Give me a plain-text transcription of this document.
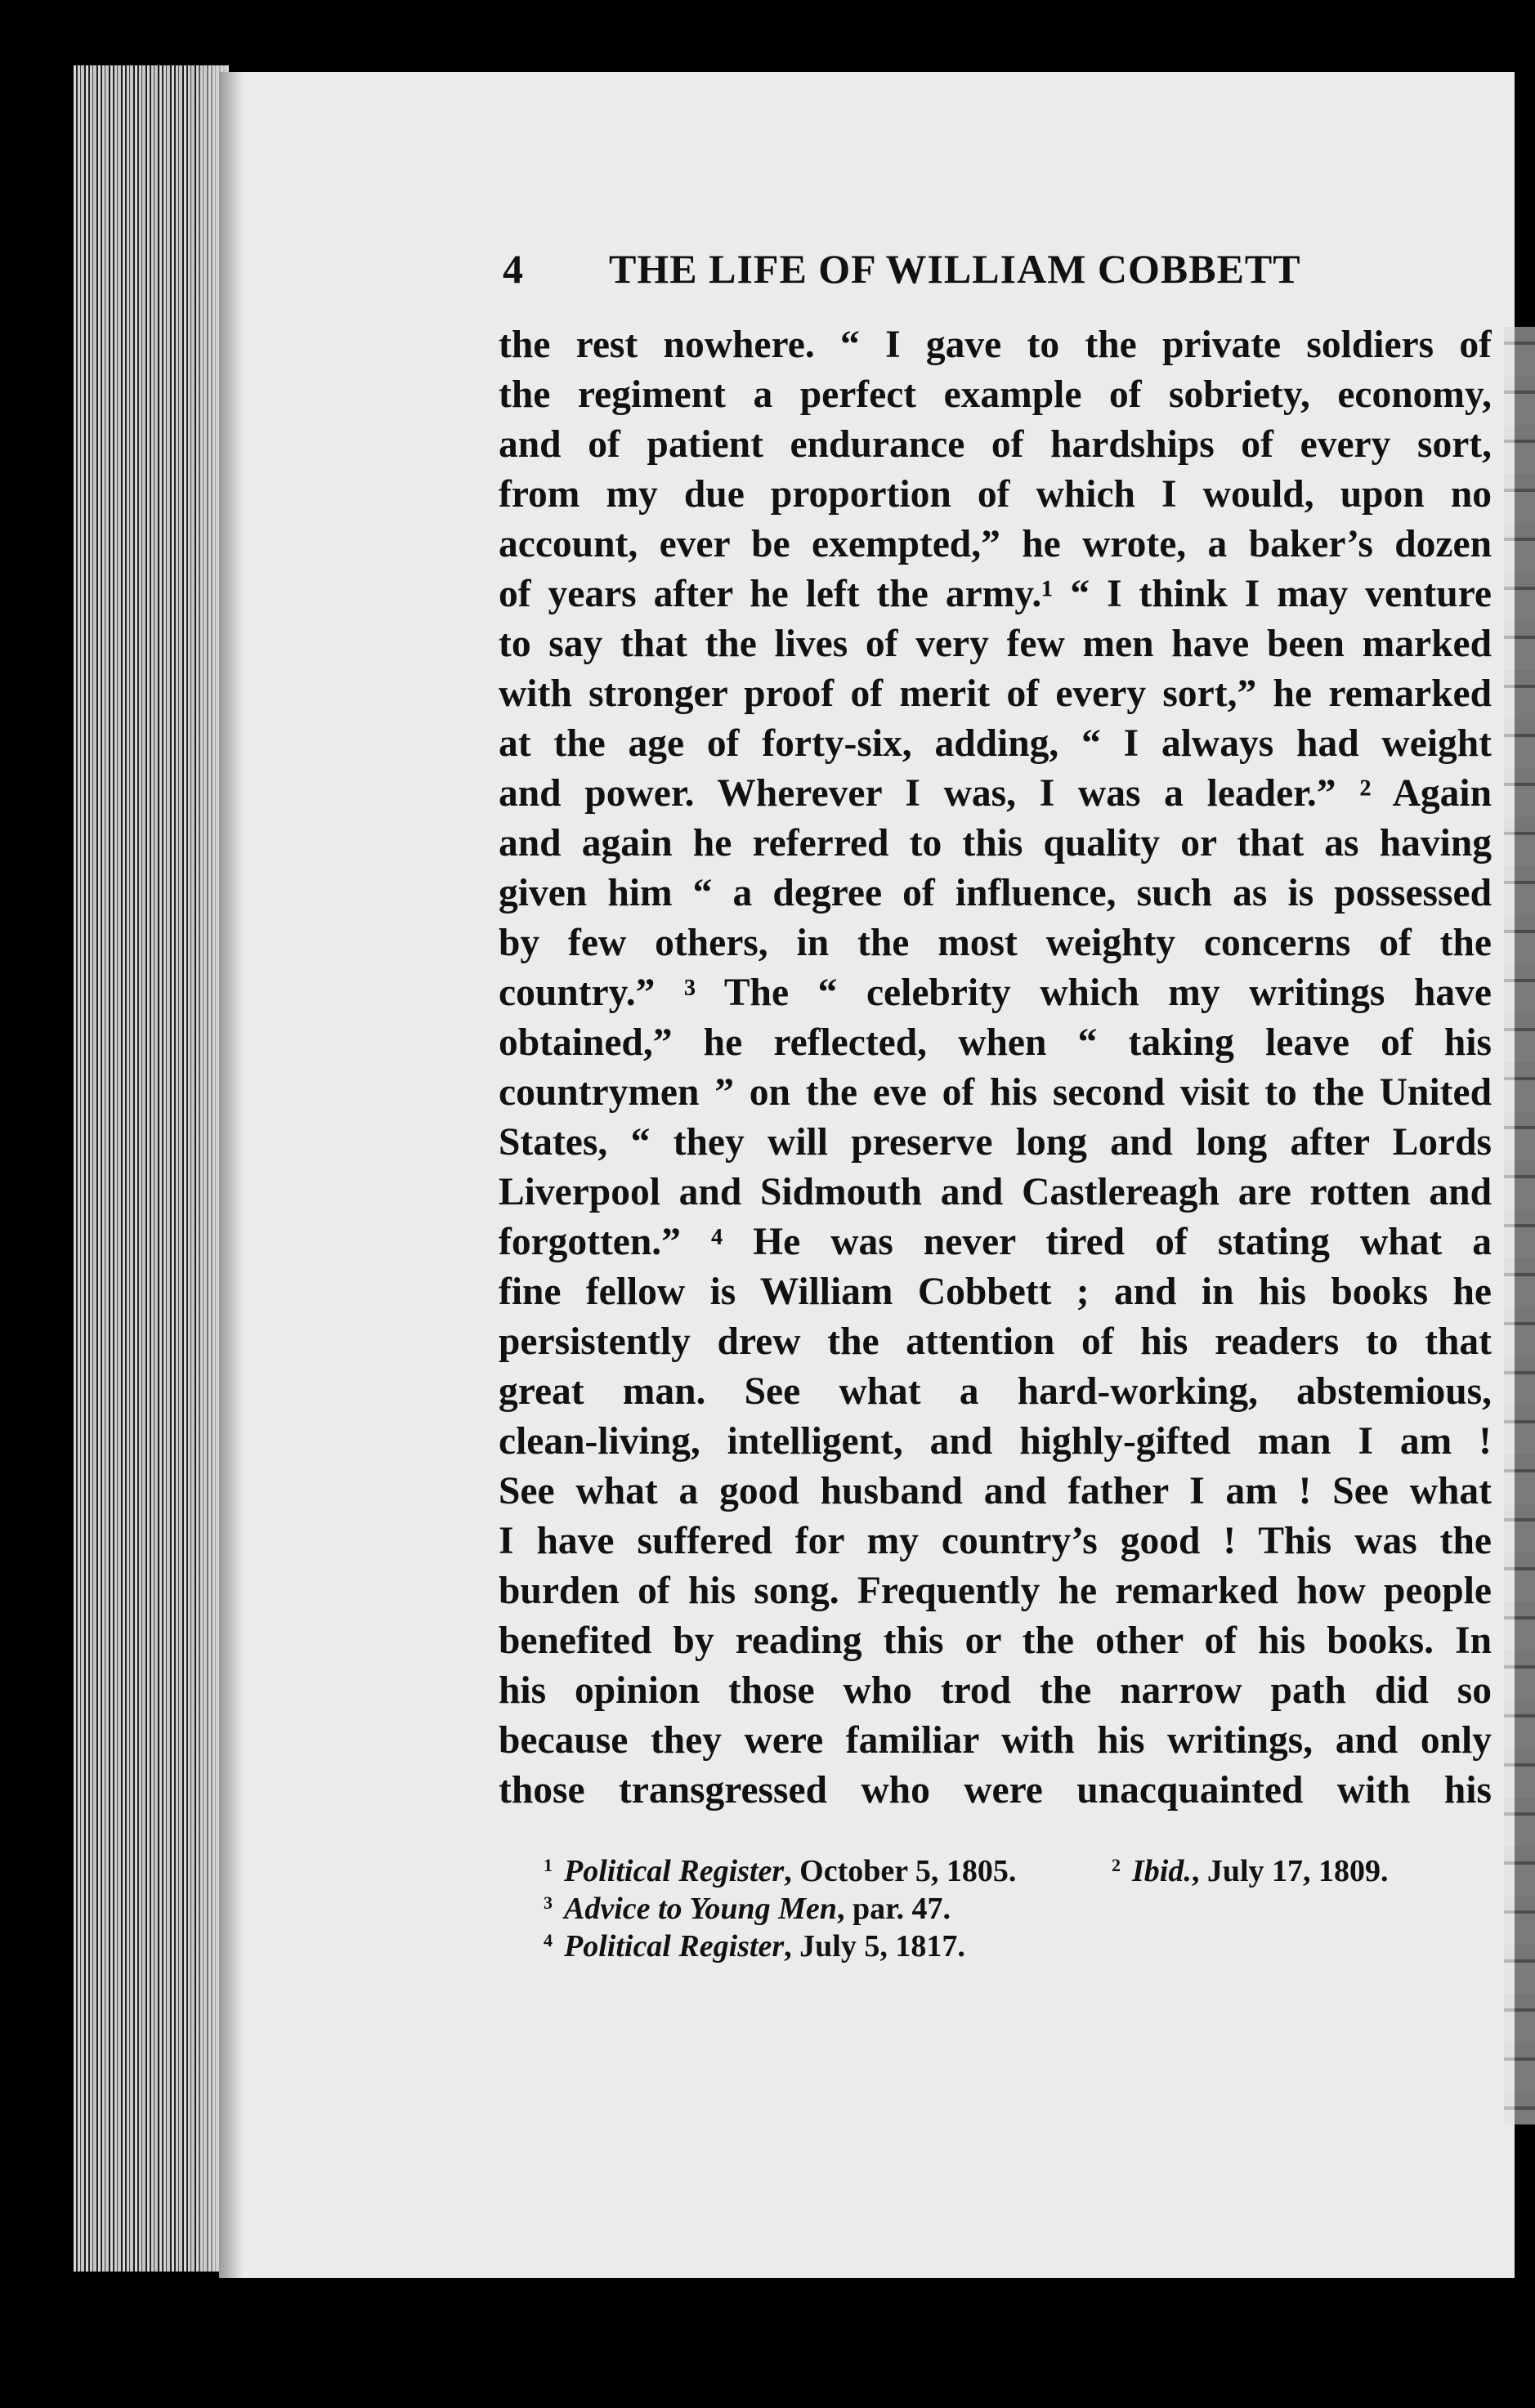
4 THE LIFE OF WILLIAM COBBETT
the rest nowhere. “ I gave to the private soldiers of
the regiment a perfect example of sobriety, economy,
and of patient endurance of hardships of every sort,
from my due proportion of which I would, upon no
account, ever be exempted,” he wrote, a baker’s dozen
of years after he left the army.¹ “ I think I may venture
to say that the lives of very few men have been marked
with stronger proof of merit of every sort,” he remarked
at the age of forty-six, adding, “ I always had weight
and power. Wherever I was, I was a leader.” ² Again
and again he referred to this quality or that as having
given him “ a degree of influence, such as is possessed
by few others, in the most weighty concerns of the
country.” ³ The “ celebrity which my writings have
obtained,” he reflected, when “ taking leave of his
countrymen ” on the eve of his second visit to the United
States, “ they will preserve long and long after Lords
Liverpool and Sidmouth and Castlereagh are rotten and
forgotten.” ⁴ He was never tired of stating what a
fine fellow is William Cobbett ; and in his books he
persistently drew the attention of his readers to that
great man. See what a hard-working, abstemious,
clean-living, intelligent, and highly-gifted man I am !
See what a good husband and father I am ! See what
I have suffered for my country’s good ! This was the
burden of his song. Frequently he remarked how people
benefited by reading this or the other of his books. In
his opinion those who trod the narrow path did so
because they were familiar with his writings, and only
those transgressed who were unacquainted with his
$^1$ Political Register, October 5, 1805.	$^2$ Ibid., July 17, 1809.
$^3$ Advice to Young Men, par. 47.
$^4$ Political Register, July 5, 1817.
